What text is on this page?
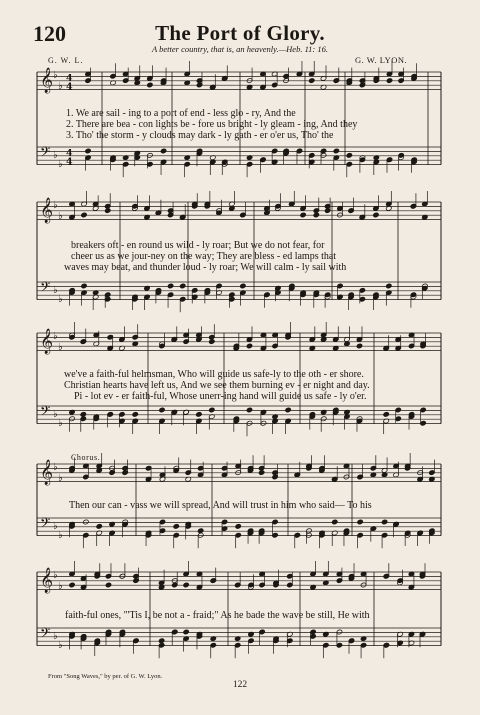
120	The Port of Glory.
A better country, that is, an heavenly.—Heb. 11: 16.
G. W. L.	G. W. LYON.
𝄞 ♭
♭ 4
4
𝄢 ♭
♭ 4
4
𝄞 ♭
♭
𝄢 ♭
♭
𝄞 ♭
♭
𝄢 ♭
♭
𝄞 ♭
♭
𝄢 ♭
♭
𝄞 ♭
♭
𝄢 ♭
♭
1. We are sail - ing to a port of end - less glo - ry, And the
2. There are bea - con lights be - fore us bright - ly gleam - ing, And they
3. Tho' the storm - y clouds may dark - ly gath - er o'er us, Tho' the
breakers oft - en round us wild - ly roar; But we do not fear, for
cheer us as we jour-ney on the way; They are bless - ed lamps that
waves may beat, and thunder loud - ly roar; We will calm - ly sail with
we've a faith-ful helmsman, Who will guide us safe-ly to the oth - er shore.
Christian hearts have left us, And we see them burning ev - er night and day.
Pi - lot ev - er faith-ful, Whose unerr-ing hand will guide us safe - ly o'er.
Chorus.
Then our can - vass we will spread, And will trust in him who said— To his
faith-ful ones, "'Tis I, be not a - fraid;" As he bade the wave be still, He with
From "Song Waves," by per. of G. W. Lyon.
122
